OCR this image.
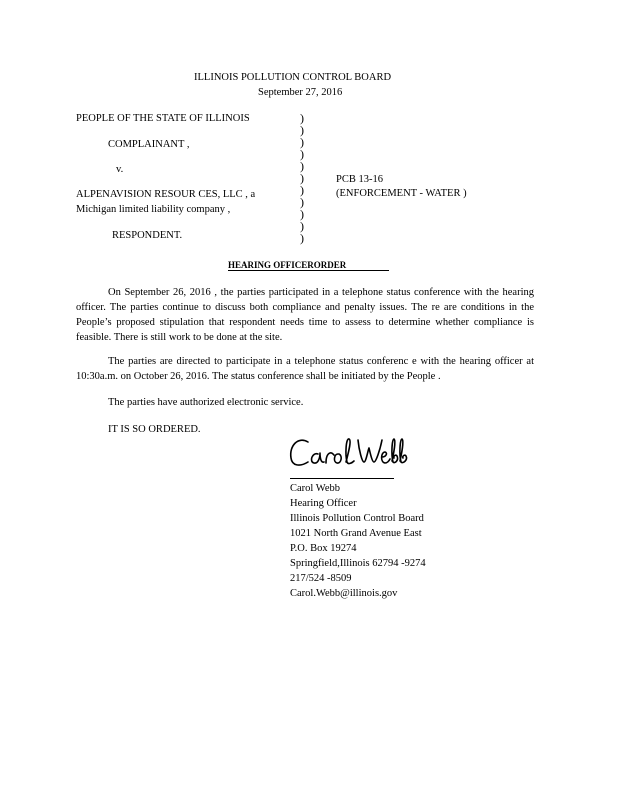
ILLINOIS POLLUTION CONTROL BOARD
September 27, 2016
PEOPLE OF THE STATE OF ILLINOIS
COMPLAINANT ,
v.
ALPENAVISION RESOUR CES, LLC , a
Michigan limited liability company ,
RESPONDENT.
)
)
)
)
)
)
)
)
)
)
)
PCB 13-16
(ENFORCEMENT - WATER )
HEARING OFFICERORDER
On September 26, 2016 , the parties participated in a telephone status conference with the hearing officer. The parties continue to discuss both compliance and penalty issues. The re are conditions in the People’s proposed stipulation that respondent needs time to assess to determine whether compliance is feasible. There is still work to be done at the site.
The parties are directed to participate in a telephone status conferenc e with the hearing officer at 10:30a.m. on October 26, 2016. The status conference shall be initiated by the People .
The parties have authorized electronic service.
IT IS SO ORDERED.
Carol Webb
Hearing Officer
Illinois Pollution Control Board
1021 North Grand Avenue East
P.O. Box 19274
Springfield,Illinois 62794 -9274
217/524 -8509
Carol.Webb@illinois.gov
